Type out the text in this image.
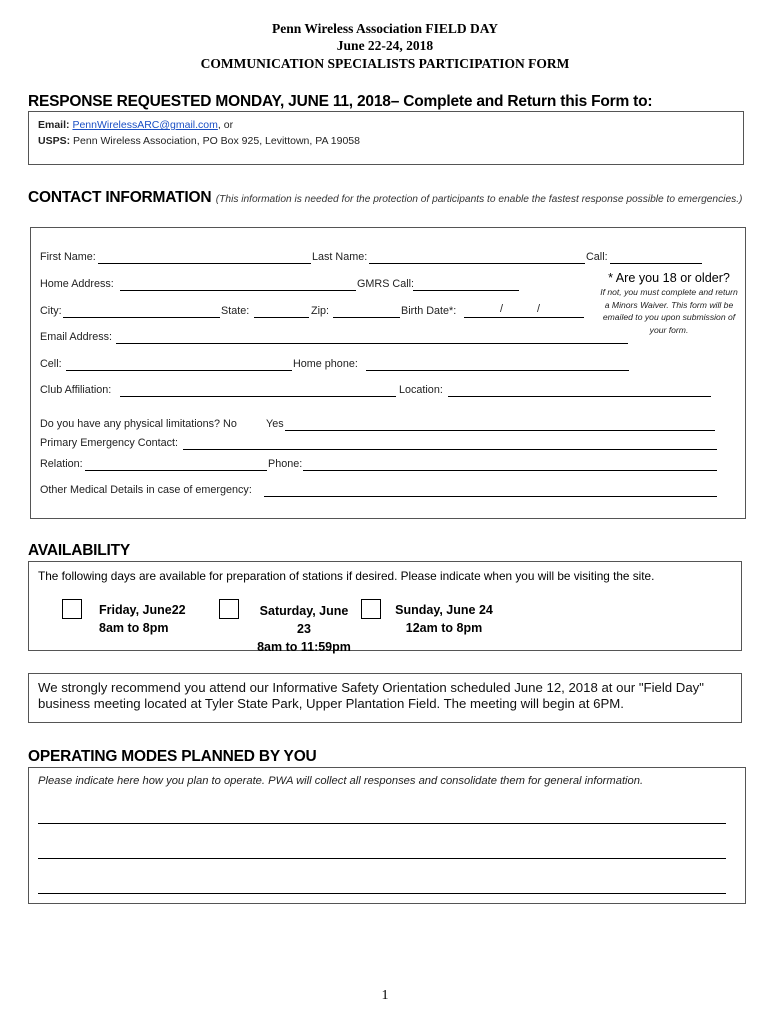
Penn Wireless Association FIELD DAY
June 22-24, 2018
COMMUNICATION SPECIALISTS PARTICIPATION FORM
RESPONSE REQUESTED MONDAY, JUNE 11, 2018– Complete and Return this Form to:
Email: PennWirelessARC@gmail.com, or
USPS: Penn Wireless Association, PO Box 925, Levittown, PA 19058
CONTACT INFORMATION (This information is needed for the protection of participants to enable the fastest response possible to emergencies.)
First Name:	Last Name:	Call:
Home Address:	GMRS Call:	* Are you 18 or older?
If not, you must complete and return a Minors Waiver. This form will be emailed to you upon submission of your form.
City:	State:	Zip:	Birth Date*:	/	/
Email Address:
Cell:	Home phone:
Club Affiliation:	Location:
Do you have any physical limitations? No	Yes
Primary Emergency Contact:
Relation:	Phone:
Other Medical Details in case of emergency:
AVAILABILITY
The following days are available for preparation of stations if desired. Please indicate when you will be visiting the site.
Friday, June22
8am to 8pm
Saturday, June 23
8am to 11:59pm
Sunday, June 24
12am to 8pm
We strongly recommend you attend our Informative Safety Orientation scheduled June 12, 2018 at our "Field Day" business meeting located at Tyler State Park, Upper Plantation Field. The meeting will begin at 6PM.
OPERATING MODES PLANNED BY YOU
Please indicate here how you plan to operate. PWA will collect all responses and consolidate them for general information.
1
